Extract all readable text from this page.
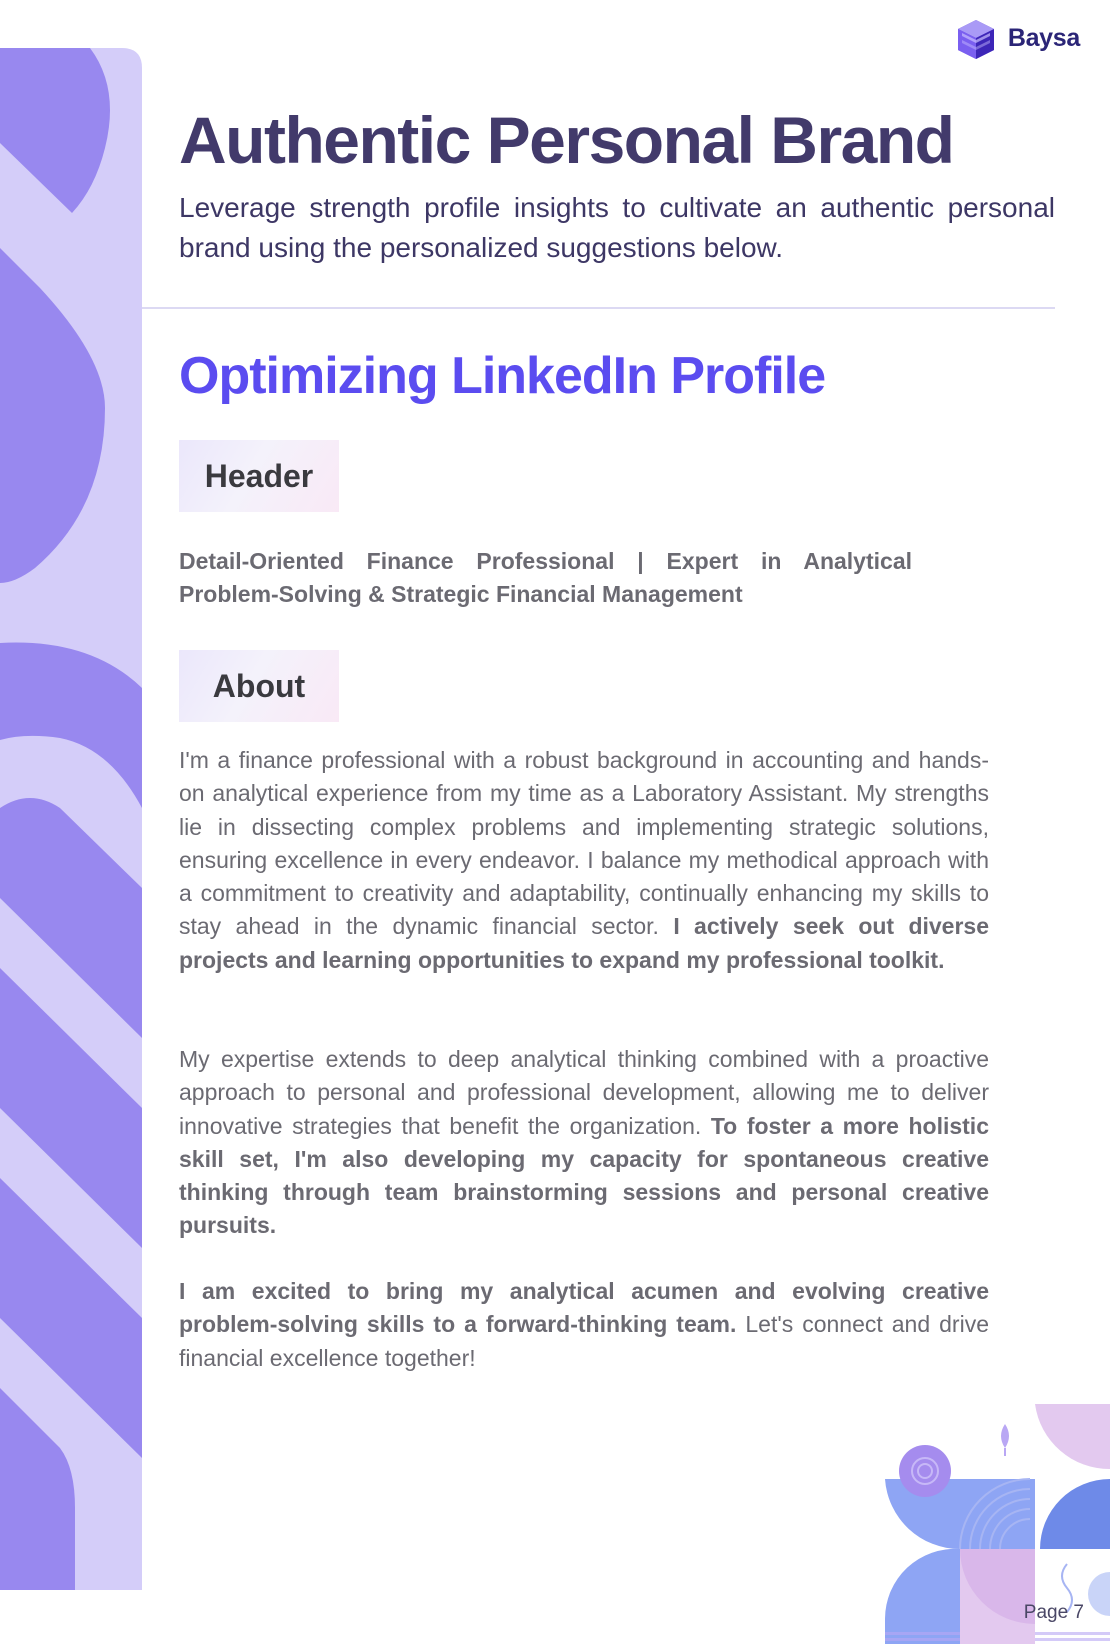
Baysa
Authentic Personal Brand

Leverage strength profile insights to cultivate an authentic personal brand using the personalized suggestions below.

Optimizing LinkedIn Profile
Header

Detail-Oriented Finance Professional | Expert in Analytical Problem-Solving & Strategic Financial Management

About

I'm a finance professional with a robust background in accounting and hands-on analytical experience from my time as a Laboratory Assistant. My strengths lie in dissecting complex problems and implementing strategic solutions, ensuring excellence in every endeavor. I balance my methodical approach with a commitment to creativity and adaptability, continually enhancing my skills to stay ahead in the dynamic financial sector. I actively seek out diverse projects and learning opportunities to expand my professional toolkit.

My expertise extends to deep analytical thinking combined with a proactive approach to personal and professional development, allowing me to deliver innovative strategies that benefit the organization. To foster a more holistic skill set, I'm also developing my capacity for spontaneous creative thinking through team brainstorming sessions and personal creative pursuits.

I am excited to bring my analytical acumen and evolving creative problem-solving skills to a forward-thinking team. Let's connect and drive financial excellence together!

Page 7
